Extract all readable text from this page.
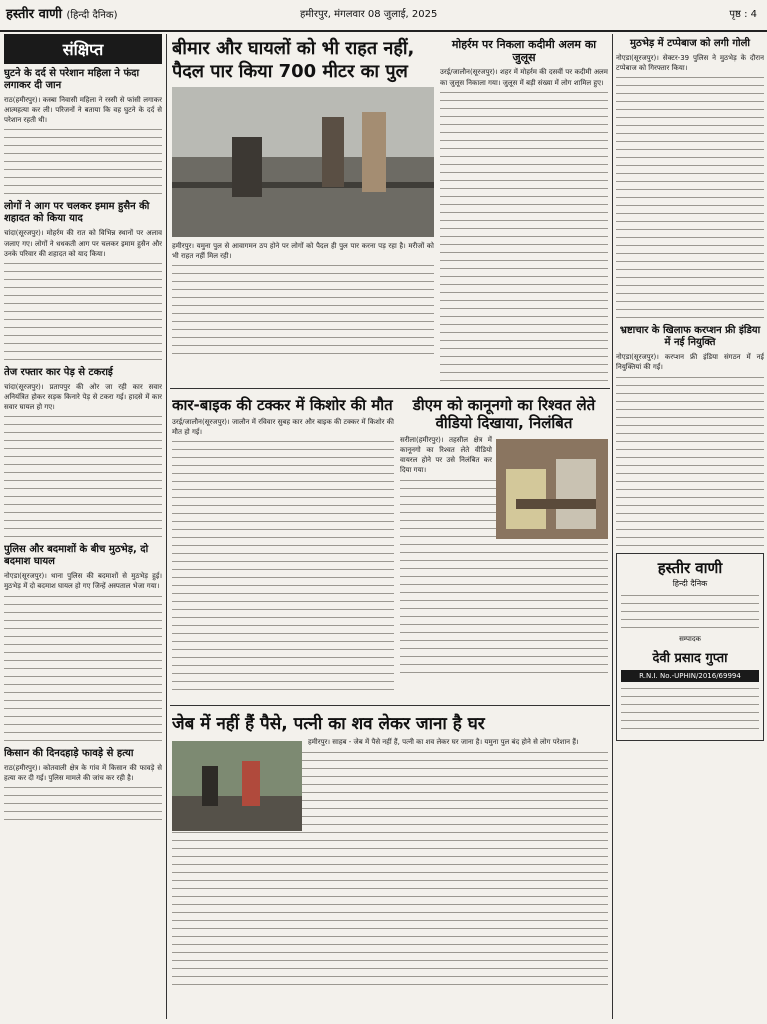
हस्तीर वाणी (हिन्दी दैनिक)	हमीरपुर, मंगलवार 08 जुलाई, 2025	पृष्ठ : 4
संक्षिप्त
घुटने के दर्द से परेशान महिला ने फंदा लगाकर दी जान
राठ(हमीरपुर)। कस्बा निवासी महिला ने रस्सी से फांसी लगाकर आत्महत्या कर ली। परिजनों ने बताया कि वह घुटने के दर्द से परेशान रहती थी।
लोगों ने आग पर चलकर इमाम हुसैन की शहादत को किया याद
चांदा(सूरजपुर)। मोहर्रम की रात को विभिन्न स्थानों पर अलाव जलाए गए। लोगों ने धधकती आग पर चलकर इमाम हुसैन और उनके परिवार की शहादत को याद किया।
तेज रफ्तार कार पेड़ से टकराई
चांदा(सूरजपुर)। प्रतापपुर की ओर जा रही कार सवार अनियंत्रित होकर सड़क किनारे पेड़ से टकरा गई। हादसे में कार सवार घायल हो गए।
पुलिस और बदमाशों के बीच मुठभेड़, दो बदमाश घायल
नोएडा(सूरजपुर)। थाना पुलिस की बदमाशों से मुठभेड़ हुई। मुठभेड़ में दो बदमाश घायल हो गए जिन्हें अस्पताल भेजा गया।
किसान की दिनदहाड़े फावड़े से हत्या
राठ(हमीरपुर)। कोतवाली क्षेत्र के गांव में किसान की फावड़े से हत्या कर दी गई। पुलिस मामले की जांच कर रही है।
बीमार और घायलों को भी राहत नहीं, पैदल पार किया 700 मीटर का पुल
हमीरपुर। यमुना पुल से आवागमन ठप होने पर लोगों को पैदल ही पुल पार करना पड़ रहा है। मरीजों को भी राहत नहीं मिल रही।
मोहर्रम पर निकला कदीमी अलम का जुलूस
उरई/जालौन(सूरजपुर)। शहर में मोहर्रम की दसवीं पर कदीमी अलम का जुलूस निकाला गया। जुलूस में बड़ी संख्या में लोग शामिल हुए।
कार-बाइक की टक्कर में किशोर की मौत
उरई/जालौन(सूरजपुर)। जालौन में रविवार सुबह कार और बाइक की टक्कर में किशोर की मौत हो गई।
डीएम को कानूनगो का रिश्वत लेते वीडियो दिखाया, निलंबित
सरीला(हमीरपुर)। तहसील क्षेत्र में कानूनगो का रिश्वत लेते वीडियो वायरल होने पर उसे निलंबित कर दिया गया।
जेब में नहीं हैं पैसे, पत्नी का शव लेकर जाना है घर
हमीरपुर। साहब - जेब में पैसे नहीं हैं, पत्नी का शव लेकर घर जाना है। यमुना पुल बंद होने से लोग परेशान हैं।
मुठभेड़ में टप्पेबाज को लगी गोली
नोएडा(सूरजपुर)। सेक्टर-39 पुलिस ने मुठभेड़ के दौरान टप्पेबाज को गिरफ्तार किया।
भ्रष्टाचार के खिलाफ करप्शन फ्री इंडिया में नई नियुक्ति
नोएडा(सूरजपुर)। करप्शन फ्री इंडिया संगठन में नई नियुक्तियां की गईं।
हस्तीर वाणी
हिन्दी दैनिक
सम्पादक
देवी प्रसाद गुप्ता
R.N.I. No.-UPHIN/2016/69994
